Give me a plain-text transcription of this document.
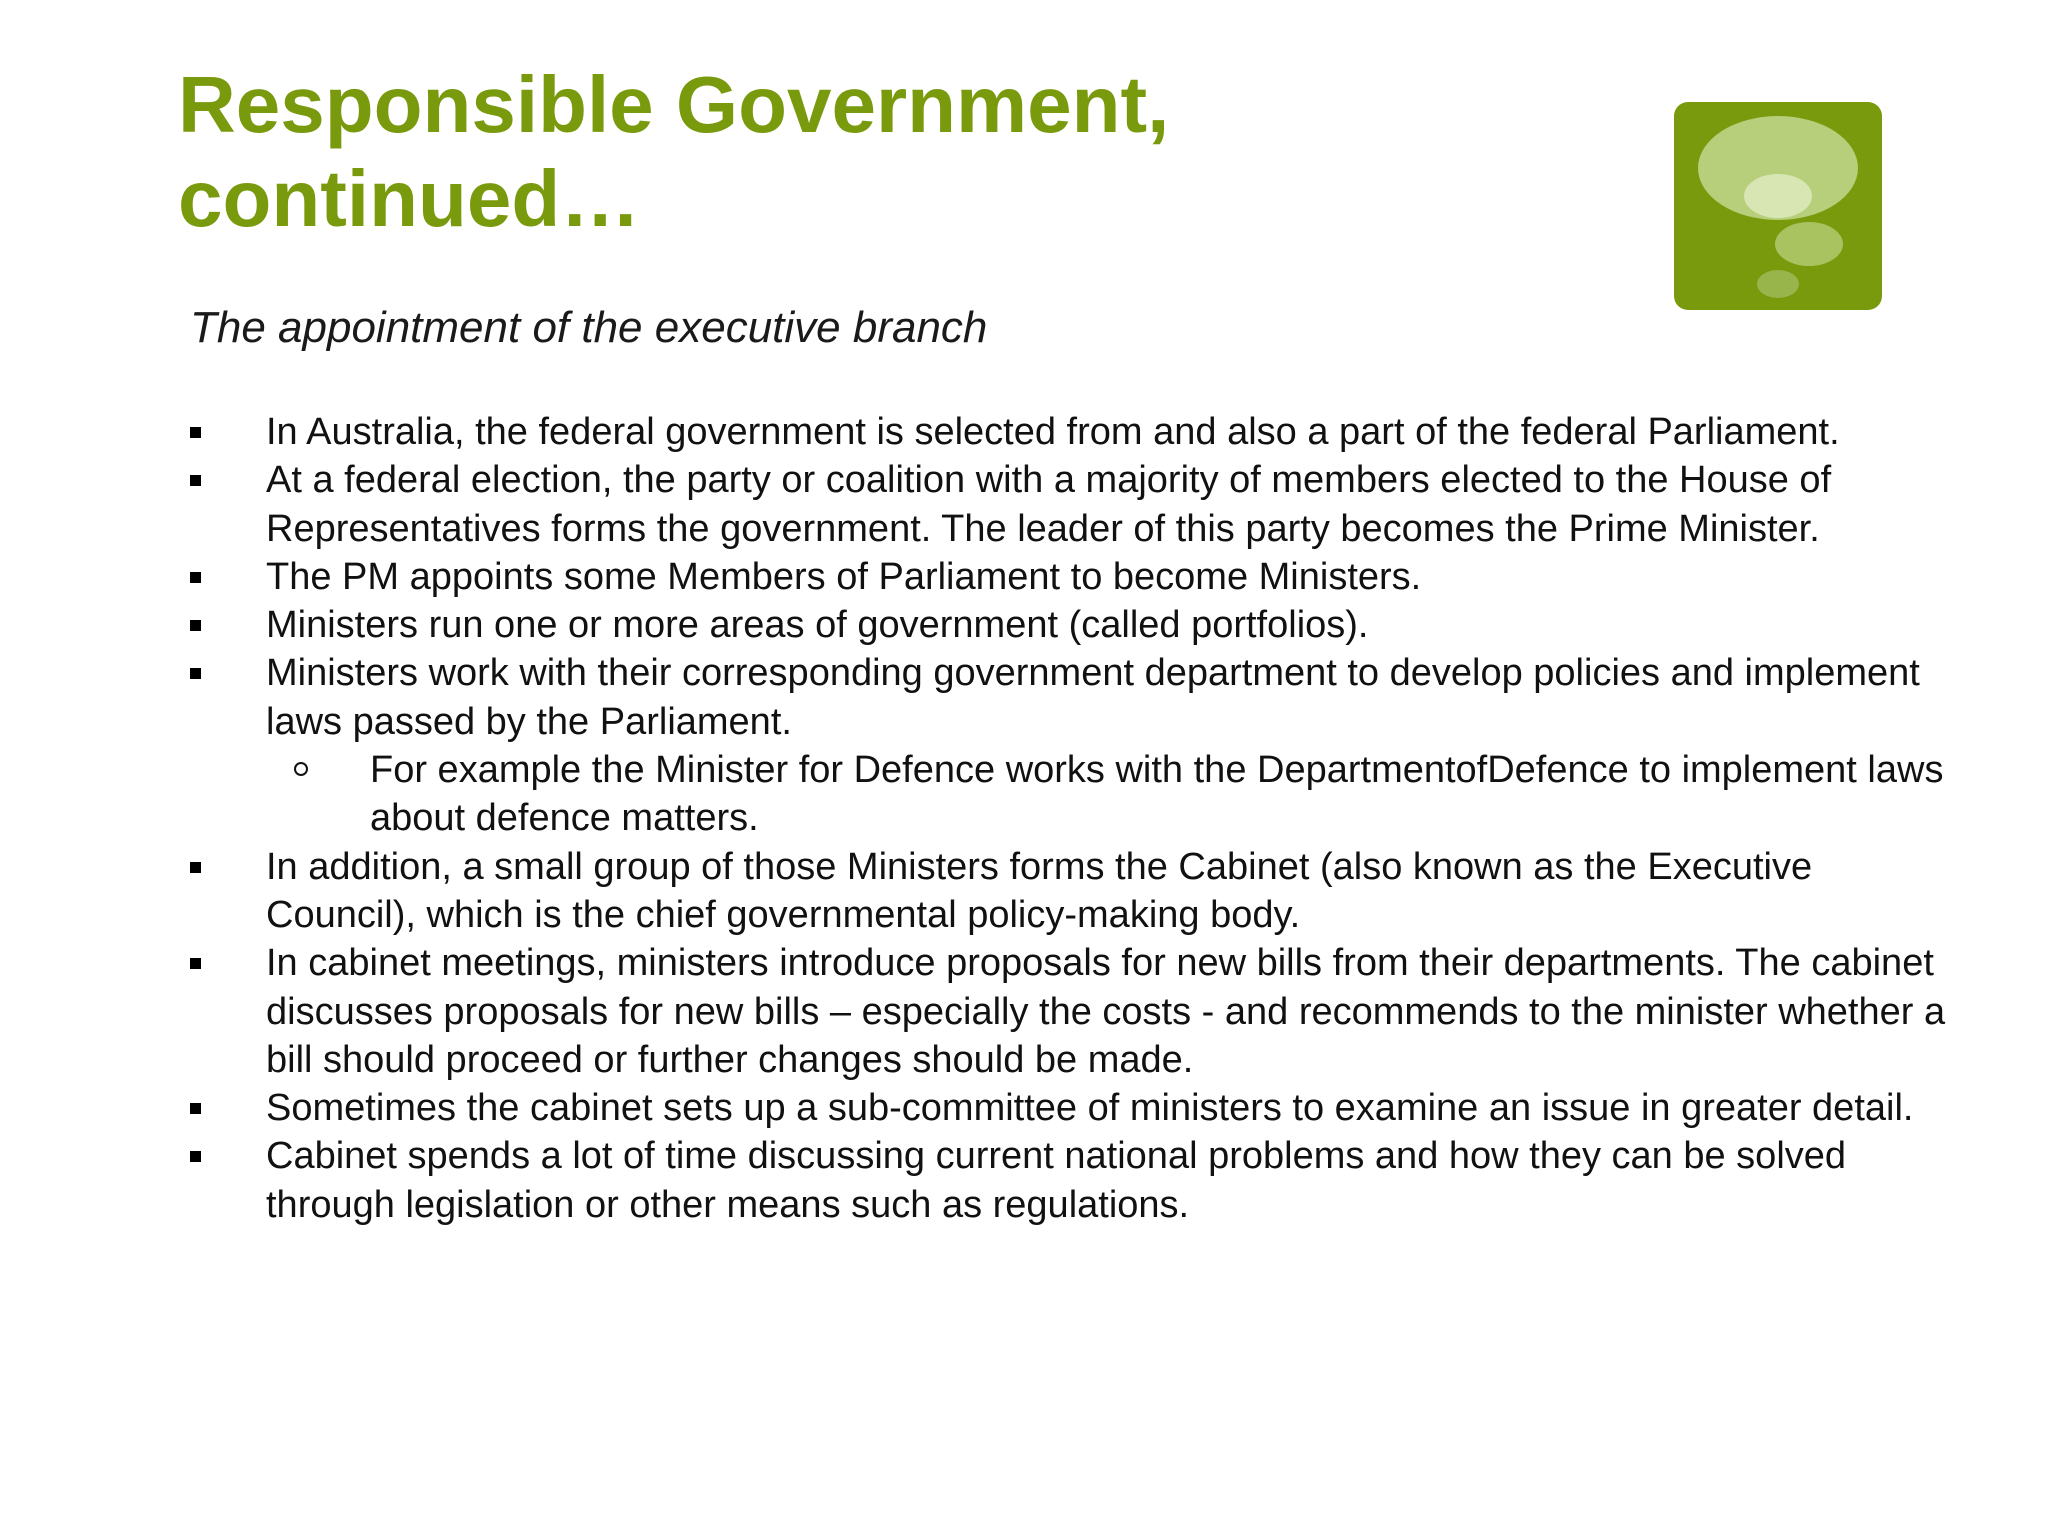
Responsible Government,
continued…

The appointment of the executive branch

In Australia, the federal government is selected from and also a part of the federal Parliament.
At a federal election, the party or coalition with a majority of members elected to the House of Representatives forms the government. The leader of this party becomes the Prime Minister.
The PM appoints some Members of Parliament to become Ministers.
Ministers run one or more areas of government (called portfolios).
Ministers work with their corresponding government department to develop policies and implement laws passed by the Parliament.
For example the Minister for Defence works with the DepartmentofDefence to implement laws about defence matters.
In addition, a small group of those Ministers forms the Cabinet (also known as the Executive Council), which is the chief governmental policy-making body.
In cabinet meetings, ministers introduce proposals for new bills from their departments. The cabinet discusses proposals for new bills – especially the costs - and recommends to the minister whether a bill should proceed or further changes should be made.
Sometimes the cabinet sets up a sub-committee of ministers to examine an issue in greater detail.
Cabinet spends a lot of time discussing current national problems and how they can be solved through legislation or other means such as regulations.
